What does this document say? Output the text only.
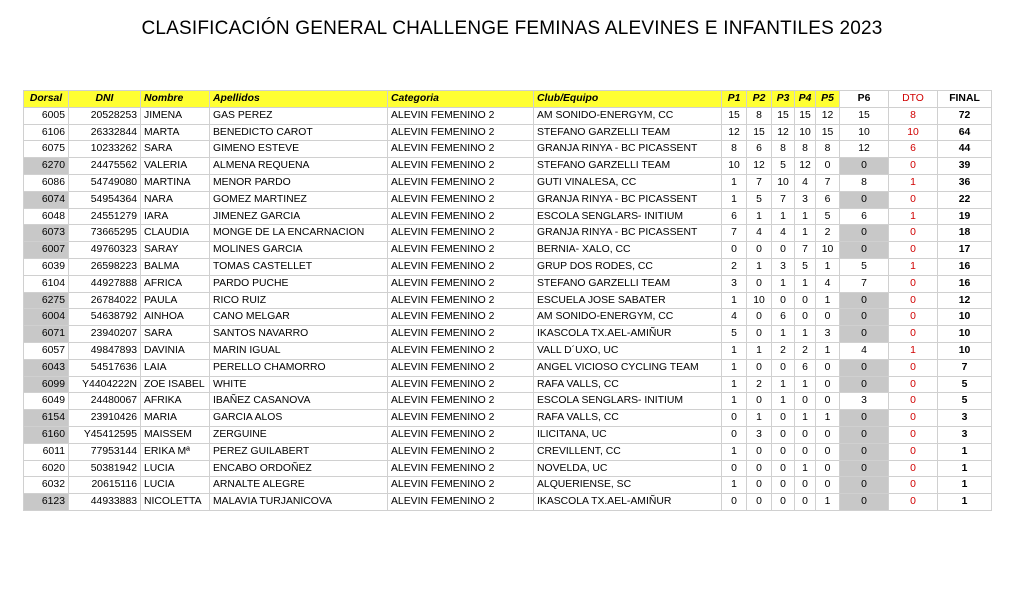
CLASIFICACIÓN GENERAL CHALLENGE FEMINAS ALEVINES E INFANTILES 2023
Dorsal	DNI	Nombre	Apellidos	Categoria	Club/Equipo	P1	P2	P3	P4	P5	P6	DTO	FINAL
6005	20528253	JIMENA	GAS PEREZ	ALEVIN FEMENINO 2	AM SONIDO-ENERGYM, CC	15	8	15	15	12	15	8	72
6106	26332844	MARTA	BENEDICTO CAROT	ALEVIN FEMENINO 2	STEFANO GARZELLI TEAM	12	15	12	10	15	10	10	64
6075	10233262	SARA	GIMENO ESTEVE	ALEVIN FEMENINO 2	GRANJA RINYA - BC PICASSENT	8	6	8	8	8	12	6	44
6270	24475562	VALERIA	ALMENA REQUENA	ALEVIN FEMENINO 2	STEFANO GARZELLI TEAM	10	12	5	12	0	0	0	39
6086	54749080	MARTINA	MENOR PARDO	ALEVIN FEMENINO 2	GUTI VINALESA, CC	1	7	10	4	7	8	1	36
6074	54954364	NARA	GOMEZ MARTINEZ	ALEVIN FEMENINO 2	GRANJA RINYA - BC PICASSENT	1	5	7	3	6	0	0	22
6048	24551279	IARA	JIMENEZ GARCIA	ALEVIN FEMENINO 2	ESCOLA SENGLARS- INITIUM	6	1	1	1	5	6	1	19
6073	73665295	CLAUDIA	MONGE DE LA ENCARNACION	ALEVIN FEMENINO 2	GRANJA RINYA - BC PICASSENT	7	4	4	1	2	0	0	18
6007	49760323	SARAY	MOLINES GARCIA	ALEVIN FEMENINO 2	BERNIA- XALO, CC	0	0	0	7	10	0	0	17
6039	26598223	BALMA	TOMAS CASTELLET	ALEVIN FEMENINO 2	GRUP DOS RODES, CC	2	1	3	5	1	5	1	16
6104	44927888	AFRICA	PARDO PUCHE	ALEVIN FEMENINO 2	STEFANO GARZELLI TEAM	3	0	1	1	4	7	0	16
6275	26784022	PAULA	RICO RUIZ	ALEVIN FEMENINO 2	ESCUELA JOSE SABATER	1	10	0	0	1	0	0	12
6004	54638792	AINHOA	CANO MELGAR	ALEVIN FEMENINO 2	AM SONIDO-ENERGYM, CC	4	0	6	0	0	0	0	10
6071	23940207	SARA	SANTOS NAVARRO	ALEVIN FEMENINO 2	IKASCOLA TX.AEL-AMIÑUR	5	0	1	1	3	0	0	10
6057	49847893	DAVINIA	MARIN IGUAL	ALEVIN FEMENINO 2	VALL D´UXO, UC	1	1	2	2	1	4	1	10
6043	54517636	LAIA	PERELLO CHAMORRO	ALEVIN FEMENINO 2	ANGEL VICIOSO CYCLING TEAM	1	0	0	6	0	0	0	7
6099	Y4404222N	ZOE ISABEL	WHITE	ALEVIN FEMENINO 2	RAFA VALLS, CC	1	2	1	1	0	0	0	5
6049	24480067	AFRIKA	IBAÑEZ CASANOVA	ALEVIN FEMENINO 2	ESCOLA SENGLARS- INITIUM	1	0	1	0	0	3	0	5
6154	23910426	MARIA	GARCIA ALOS	ALEVIN FEMENINO 2	RAFA VALLS, CC	0	1	0	1	1	0	0	3
6160	Y45412595	MAISSEM	ZERGUINE	ALEVIN FEMENINO 2	ILICITANA, UC	0	3	0	0	0	0	0	3
6011	77953144	ERIKA Mª	PEREZ GUILABERT	ALEVIN FEMENINO 2	CREVILLENT, CC	1	0	0	0	0	0	0	1
6020	50381942	LUCIA	ENCABO ORDOÑEZ	ALEVIN FEMENINO 2	NOVELDA, UC	0	0	0	1	0	0	0	1
6032	20615116	LUCIA	ARNALTE ALEGRE	ALEVIN FEMENINO 2	ALQUERIENSE, SC	1	0	0	0	0	0	0	1
6123	44933883	NICOLETTA	MALAVIA TURJANICOVA	ALEVIN FEMENINO 2	IKASCOLA TX.AEL-AMIÑUR	0	0	0	0	1	0	0	1
